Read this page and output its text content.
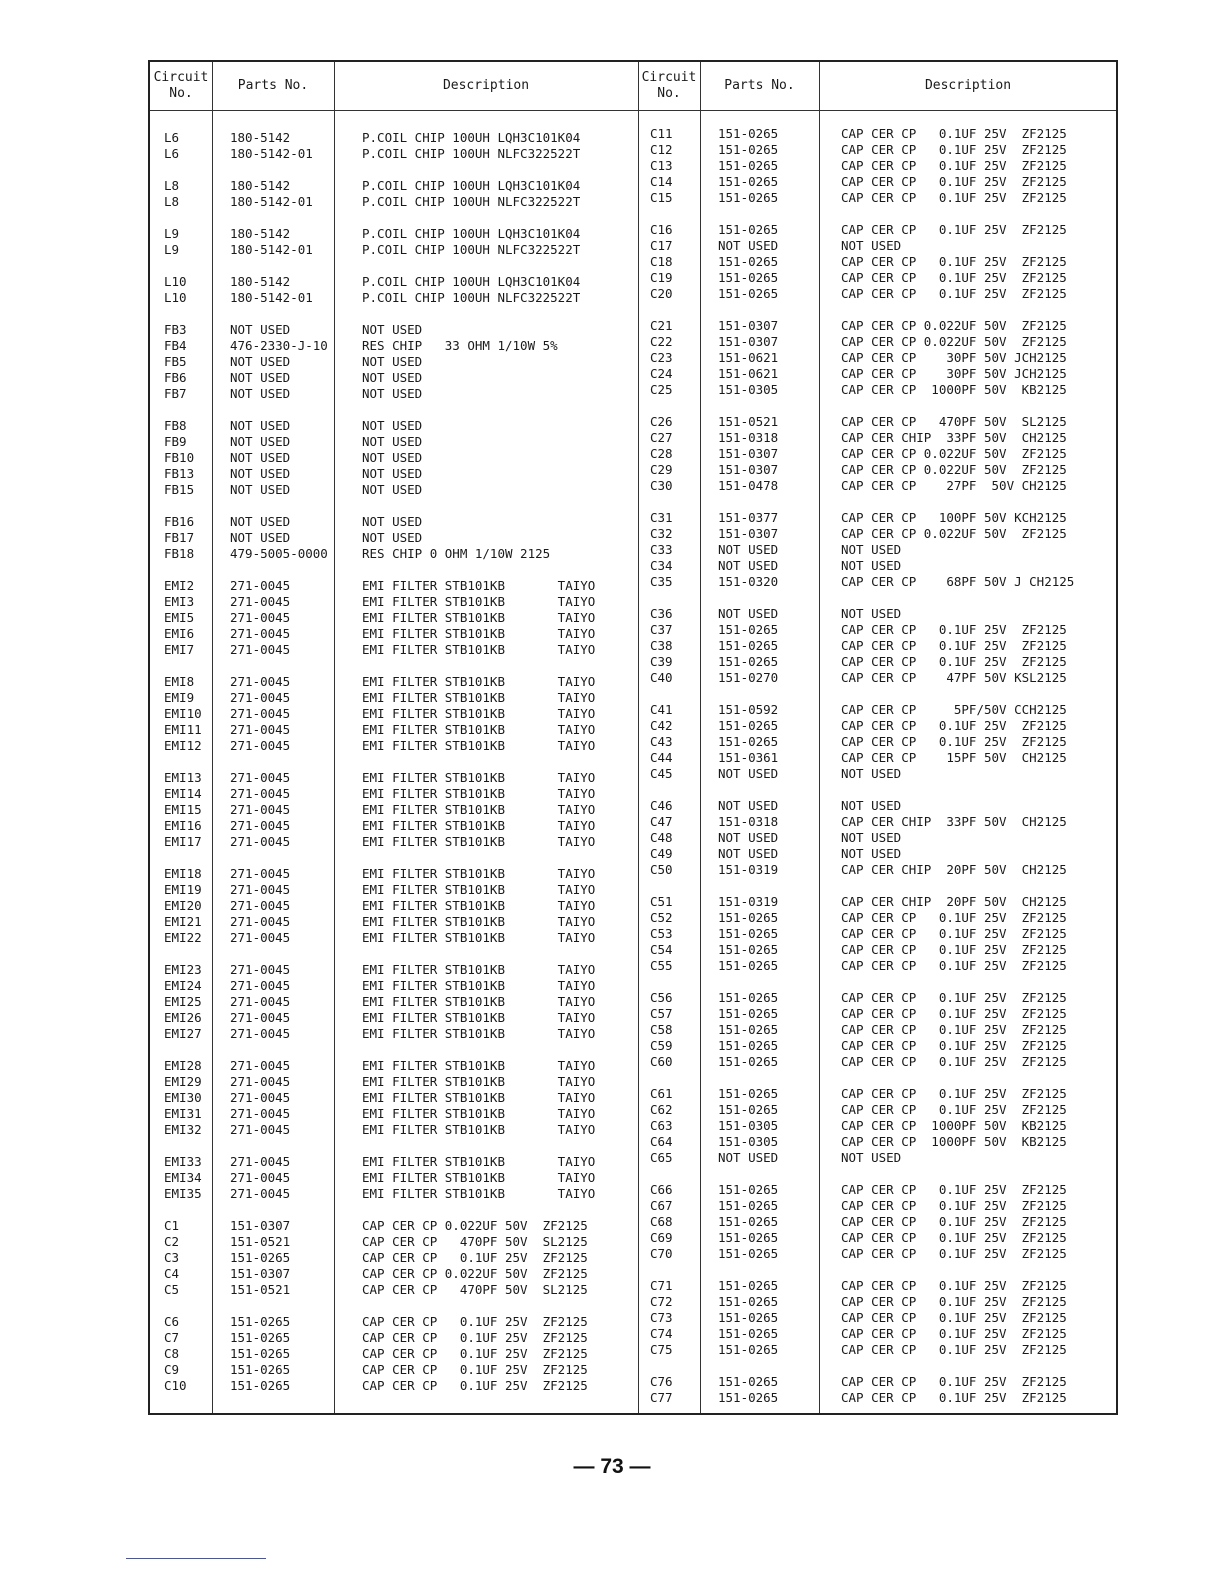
Circuit
No.
Parts No.	Description
Circuit
No.
Parts No.	Description
L6	180-5142	P.COIL CHIP 100UH LQH3C101K04
L6	180-5142-01	P.COIL CHIP 100UH NLFC322522T
L8	180-5142	P.COIL CHIP 100UH LQH3C101K04
L8	180-5142-01	P.COIL CHIP 100UH NLFC322522T
L9	180-5142	P.COIL CHIP 100UH LQH3C101K04
L9	180-5142-01	P.COIL CHIP 100UH NLFC322522T
L10	180-5142	P.COIL CHIP 100UH LQH3C101K04
L10	180-5142-01	P.COIL CHIP 100UH NLFC322522T
FB3	NOT USED	NOT USED
FB4	476-2330-J-10	RES CHIP   33 OHM 1/10W 5%
FB5	NOT USED	NOT USED
FB6	NOT USED	NOT USED
FB7	NOT USED	NOT USED
FB8	NOT USED	NOT USED
FB9	NOT USED	NOT USED
FB10	NOT USED	NOT USED
FB13	NOT USED	NOT USED
FB15	NOT USED	NOT USED
FB16	NOT USED	NOT USED
FB17	NOT USED	NOT USED
FB18	479-5005-0000	RES CHIP 0 OHM 1/10W 2125
EMI2	271-0045	EMI FILTER STB101KB       TAIYO
EMI3	271-0045	EMI FILTER STB101KB       TAIYO
EMI5	271-0045	EMI FILTER STB101KB       TAIYO
EMI6	271-0045	EMI FILTER STB101KB       TAIYO
EMI7	271-0045	EMI FILTER STB101KB       TAIYO
EMI8	271-0045	EMI FILTER STB101KB       TAIYO
EMI9	271-0045	EMI FILTER STB101KB       TAIYO
EMI10	271-0045	EMI FILTER STB101KB       TAIYO
EMI11	271-0045	EMI FILTER STB101KB       TAIYO
EMI12	271-0045	EMI FILTER STB101KB       TAIYO
EMI13	271-0045	EMI FILTER STB101KB       TAIYO
EMI14	271-0045	EMI FILTER STB101KB       TAIYO
EMI15	271-0045	EMI FILTER STB101KB       TAIYO
EMI16	271-0045	EMI FILTER STB101KB       TAIYO
EMI17	271-0045	EMI FILTER STB101KB       TAIYO
EMI18	271-0045	EMI FILTER STB101KB       TAIYO
EMI19	271-0045	EMI FILTER STB101KB       TAIYO
EMI20	271-0045	EMI FILTER STB101KB       TAIYO
EMI21	271-0045	EMI FILTER STB101KB       TAIYO
EMI22	271-0045	EMI FILTER STB101KB       TAIYO
EMI23	271-0045	EMI FILTER STB101KB       TAIYO
EMI24	271-0045	EMI FILTER STB101KB       TAIYO
EMI25	271-0045	EMI FILTER STB101KB       TAIYO
EMI26	271-0045	EMI FILTER STB101KB       TAIYO
EMI27	271-0045	EMI FILTER STB101KB       TAIYO
EMI28	271-0045	EMI FILTER STB101KB       TAIYO
EMI29	271-0045	EMI FILTER STB101KB       TAIYO
EMI30	271-0045	EMI FILTER STB101KB       TAIYO
EMI31	271-0045	EMI FILTER STB101KB       TAIYO
EMI32	271-0045	EMI FILTER STB101KB       TAIYO
EMI33	271-0045	EMI FILTER STB101KB       TAIYO
EMI34	271-0045	EMI FILTER STB101KB       TAIYO
EMI35	271-0045	EMI FILTER STB101KB       TAIYO
C1	151-0307	CAP CER CP 0.022UF 50V  ZF2125
C2	151-0521	CAP CER CP   470PF 50V  SL2125
C3	151-0265	CAP CER CP   0.1UF 25V  ZF2125
C4	151-0307	CAP CER CP 0.022UF 50V  ZF2125
C5	151-0521	CAP CER CP   470PF 50V  SL2125
C6	151-0265	CAP CER CP   0.1UF 25V  ZF2125
C7	151-0265	CAP CER CP   0.1UF 25V  ZF2125
C8	151-0265	CAP CER CP   0.1UF 25V  ZF2125
C9	151-0265	CAP CER CP   0.1UF 25V  ZF2125
C10	151-0265	CAP CER CP   0.1UF 25V  ZF2125
C11	151-0265	CAP CER CP   0.1UF 25V  ZF2125
C12	151-0265	CAP CER CP   0.1UF 25V  ZF2125
C13	151-0265	CAP CER CP   0.1UF 25V  ZF2125
C14	151-0265	CAP CER CP   0.1UF 25V  ZF2125
C15	151-0265	CAP CER CP   0.1UF 25V  ZF2125
C16	151-0265	CAP CER CP   0.1UF 25V  ZF2125
C17	NOT USED	NOT USED
C18	151-0265	CAP CER CP   0.1UF 25V  ZF2125
C19	151-0265	CAP CER CP   0.1UF 25V  ZF2125
C20	151-0265	CAP CER CP   0.1UF 25V  ZF2125
C21	151-0307	CAP CER CP 0.022UF 50V  ZF2125
C22	151-0307	CAP CER CP 0.022UF 50V  ZF2125
C23	151-0621	CAP CER CP    30PF 50V JCH2125
C24	151-0621	CAP CER CP    30PF 50V JCH2125
C25	151-0305	CAP CER CP  1000PF 50V  KB2125
C26	151-0521	CAP CER CP   470PF 50V  SL2125
C27	151-0318	CAP CER CHIP  33PF 50V  CH2125
C28	151-0307	CAP CER CP 0.022UF 50V  ZF2125
C29	151-0307	CAP CER CP 0.022UF 50V  ZF2125
C30	151-0478	CAP CER CP    27PF  50V CH2125
C31	151-0377	CAP CER CP   100PF 50V KCH2125
C32	151-0307	CAP CER CP 0.022UF 50V  ZF2125
C33	NOT USED	NOT USED
C34	NOT USED	NOT USED
C35	151-0320	CAP CER CP    68PF 50V J CH2125
C36	NOT USED	NOT USED
C37	151-0265	CAP CER CP   0.1UF 25V  ZF2125
C38	151-0265	CAP CER CP   0.1UF 25V  ZF2125
C39	151-0265	CAP CER CP   0.1UF 25V  ZF2125
C40	151-0270	CAP CER CP    47PF 50V KSL2125
C41	151-0592	CAP CER CP     5PF/50V CCH2125
C42	151-0265	CAP CER CP   0.1UF 25V  ZF2125
C43	151-0265	CAP CER CP   0.1UF 25V  ZF2125
C44	151-0361	CAP CER CP    15PF 50V  CH2125
C45	NOT USED	NOT USED
C46	NOT USED	NOT USED
C47	151-0318	CAP CER CHIP  33PF 50V  CH2125
C48	NOT USED	NOT USED
C49	NOT USED	NOT USED
C50	151-0319	CAP CER CHIP  20PF 50V  CH2125
C51	151-0319	CAP CER CHIP  20PF 50V  CH2125
C52	151-0265	CAP CER CP   0.1UF 25V  ZF2125
C53	151-0265	CAP CER CP   0.1UF 25V  ZF2125
C54	151-0265	CAP CER CP   0.1UF 25V  ZF2125
C55	151-0265	CAP CER CP   0.1UF 25V  ZF2125
C56	151-0265	CAP CER CP   0.1UF 25V  ZF2125
C57	151-0265	CAP CER CP   0.1UF 25V  ZF2125
C58	151-0265	CAP CER CP   0.1UF 25V  ZF2125
C59	151-0265	CAP CER CP   0.1UF 25V  ZF2125
C60	151-0265	CAP CER CP   0.1UF 25V  ZF2125
C61	151-0265	CAP CER CP   0.1UF 25V  ZF2125
C62	151-0265	CAP CER CP   0.1UF 25V  ZF2125
C63	151-0305	CAP CER CP  1000PF 50V  KB2125
C64	151-0305	CAP CER CP  1000PF 50V  KB2125
C65	NOT USED	NOT USED
C66	151-0265	CAP CER CP   0.1UF 25V  ZF2125
C67	151-0265	CAP CER CP   0.1UF 25V  ZF2125
C68	151-0265	CAP CER CP   0.1UF 25V  ZF2125
C69	151-0265	CAP CER CP   0.1UF 25V  ZF2125
C70	151-0265	CAP CER CP   0.1UF 25V  ZF2125
C71	151-0265	CAP CER CP   0.1UF 25V  ZF2125
C72	151-0265	CAP CER CP   0.1UF 25V  ZF2125
C73	151-0265	CAP CER CP   0.1UF 25V  ZF2125
C74	151-0265	CAP CER CP   0.1UF 25V  ZF2125
C75	151-0265	CAP CER CP   0.1UF 25V  ZF2125
C76	151-0265	CAP CER CP   0.1UF 25V  ZF2125
C77	151-0265	CAP CER CP   0.1UF 25V  ZF2125
— 73 —
